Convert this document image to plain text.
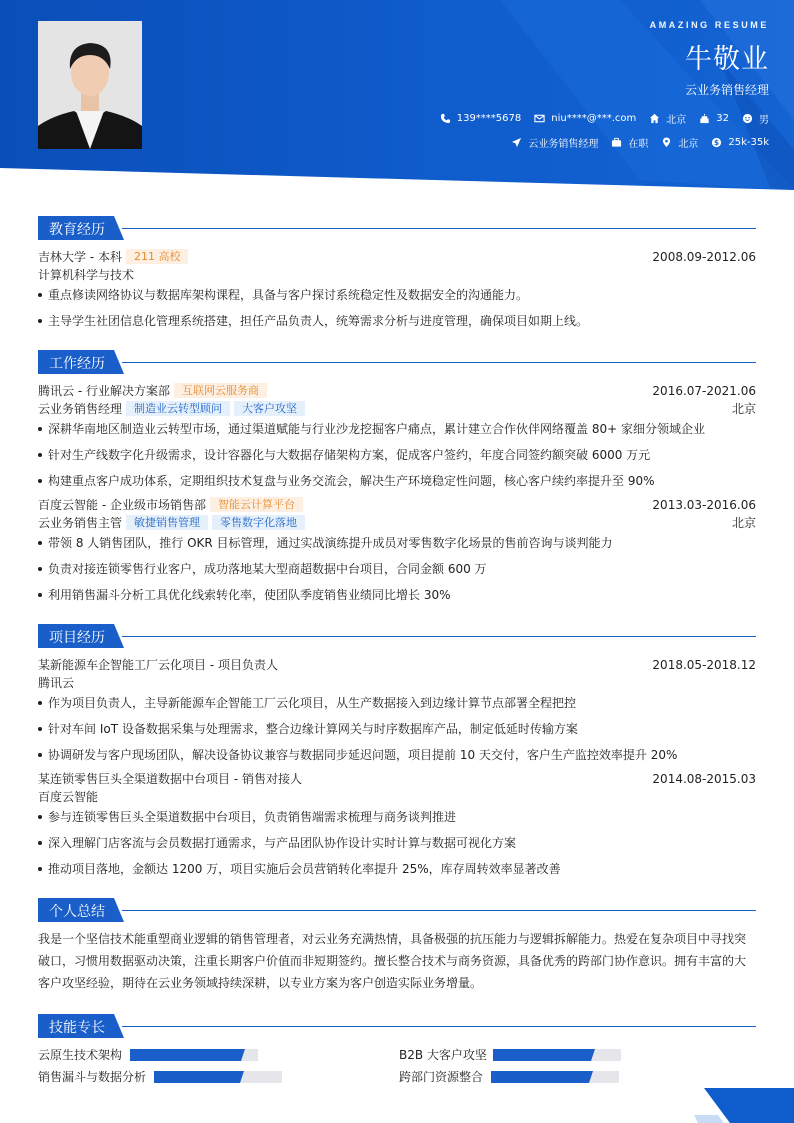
AMAZING RESUME
牛敬业
云业务销售经理
139****5678	niu****@***.com	北京	32	男
云业务销售经理	在职	北京 $ 25k-35k
教育经历
吉林大学 - 本科 211 高校	2008.09-2012.06
计算机科学与技术
重点修读网络协议与数据库架构课程，具备与客户探讨系统稳定性及数据安全的沟通能力。
主导学生社团信息化管理系统搭建，担任产品负责人，统筹需求分析与进度管理，确保项目如期上线。
工作经历
腾讯云 - 行业解决方案部 互联网云服务商	2016.07-2021.06
云业务销售经理 制造业云转型顾问 大客户攻坚	北京
深耕华南地区制造业云转型市场，通过渠道赋能与行业沙龙挖掘客户痛点，累计建立合作伙伴网络覆盖 80+ 家细分领域企业
针对生产线数字化升级需求，设计容器化与大数据存储架构方案，促成客户签约，年度合同签约额突破 6000 万元
构建重点客户成功体系，定期组织技术复盘与业务交流会，解决生产环境稳定性问题，核心客户续约率提升至 90%
百度云智能 - 企业级市场销售部 智能云计算平台	2013.03-2016.06
云业务销售主管 敏捷销售管理 零售数字化落地	北京
带领 8 人销售团队，推行 OKR 目标管理，通过实战演练提升成员对零售数字化场景的售前咨询与谈判能力
负责对接连锁零售行业客户，成功落地某大型商超数据中台项目，合同金额 600 万
利用销售漏斗分析工具优化线索转化率，使团队季度销售业绩同比增长 30%
项目经历
某新能源车企智能工厂云化项目 - 项目负责人	2018.05-2018.12
腾讯云
作为项目负责人，主导新能源车企智能工厂云化项目，从生产数据接入到边缘计算节点部署全程把控
针对车间 IoT 设备数据采集与处理需求，整合边缘计算网关与时序数据库产品，制定低延时传输方案
协调研发与客户现场团队，解决设备协议兼容与数据同步延迟问题，项目提前 10 天交付，客户生产监控效率提升 20%
某连锁零售巨头全渠道数据中台项目 - 销售对接人	2014.08-2015.03
百度云智能
参与连锁零售巨头全渠道数据中台项目，负责销售端需求梳理与商务谈判推进
深入理解门店客流与会员数据打通需求，与产品团队协作设计实时计算与数据可视化方案
推动项目落地，金额达 1200 万，项目实施后会员营销转化率提升 25%，库存周转效率显著改善
个人总结
我是一个坚信技术能重塑商业逻辑的销售管理者，对云业务充满热情，具备极强的抗压能力与逻辑拆解能力。热爱在复杂项目中寻找突
破口，习惯用数据驱动决策，注重长期客户价值而非短期签约。擅长整合技术与商务资源，具备优秀的跨部门协作意识。拥有丰富的大
客户攻坚经验，期待在云业务领域持续深耕，以专业方案为客户创造实际业务增量。
技能专长
云原生技术架构	B2B 大客户攻坚
销售漏斗与数据分析	跨部门资源整合
